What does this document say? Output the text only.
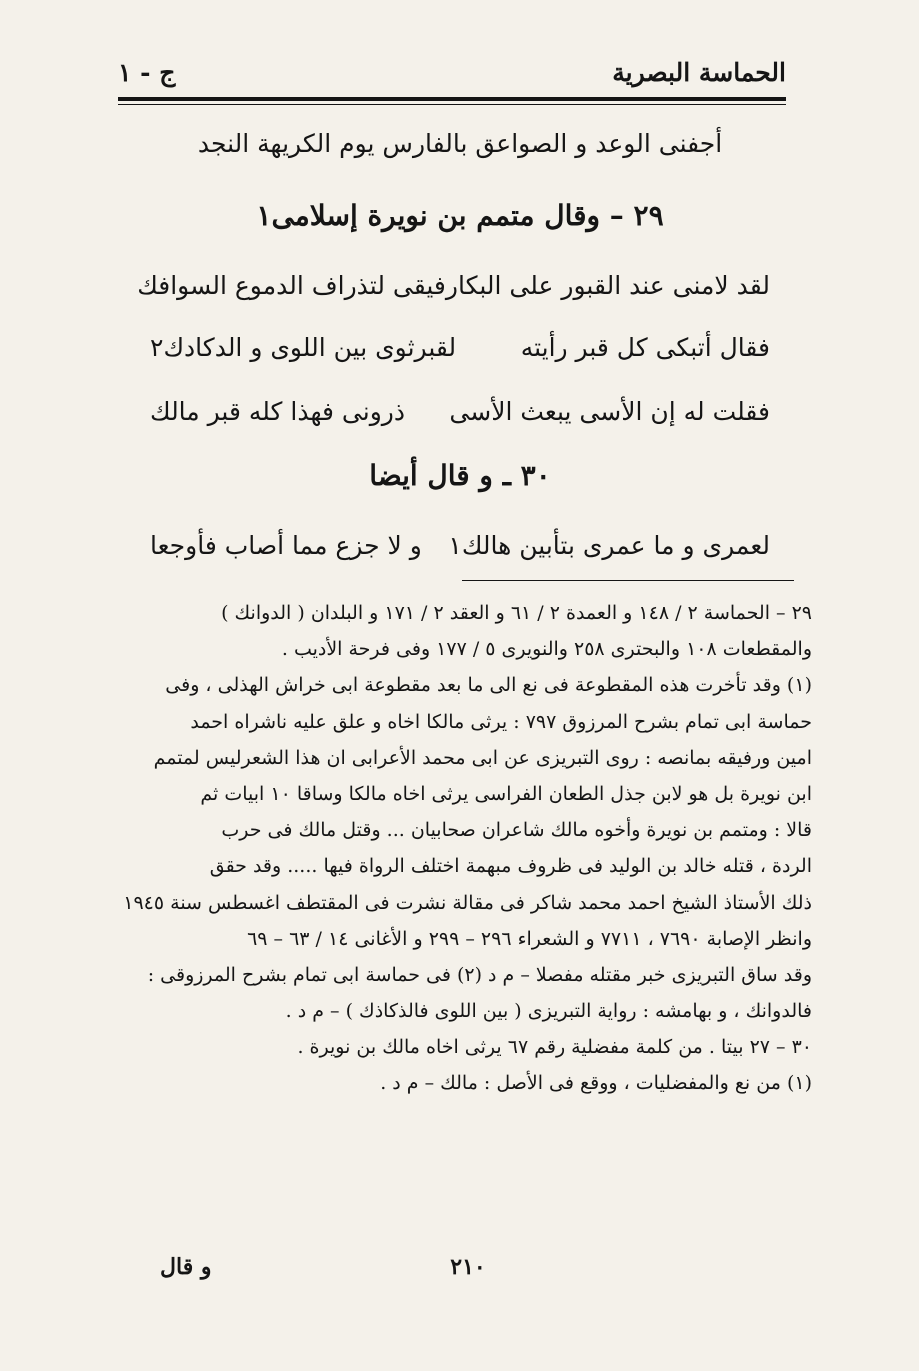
الحماسة البصرية
ج - ١
أجفنى الوعد و الصواعق بالفارس يوم الكريهة النجد
٢٩ – وقال متمم بن نويرة إسلامى١
لقد لامنى عند القبور على البكا
رفيقى لتذراف الدموع السوافك
فقال أتبكى كل قبر رأيته
لقبرثوى بين اللوى و الدكادك٢
فقلت له إن الأسى يبعث الأسى
ذرونى فهذا كله قبر مالك
٣٠ ـ و قال أيضا
لعمرى و ما عمرى بتأبين هالك١
و لا جزع مما أصاب فأوجعا
٢٩ – الحماسة ٢ / ١٤٨ و العمدة ٢ / ٦١ و العقد ٢ / ١٧١ و البلدان ( الدوانك )
والمقطعات ١٠٨ والبحترى ٢٥٨ والنويرى ٥ / ١٧٧ وفى فرحة الأديب .
(١) وقد تأخرت هذه المقطوعة فى نع الى ما بعد مقطوعة ابى خراش الهذلى ، وفى
حماسة ابى تمام بشرح المرزوق ٧٩٧ : يرثى مالكا اخاه و علق عليه ناشراه احمد
امين ورفيقه بمانصه : روى التبريزى عن ابى محمد الأعرابى ان هذا الشعرليس لمتمم
ابن نويرة بل هو لابن جذل الطعان الفراسى يرثى اخاه مالكا وساقا ١٠ ابيات ثم
قالا : ومتمم بن نويرة وأخوه مالك شاعران صحابيان ... وقتل مالك فى حرب
الردة ، قتله خالد بن الوليد فى ظروف مبهمة اختلف الرواة فيها ..... وقد حقق
ذلك الأستاذ الشيخ احمد محمد شاكر فى مقالة نشرت فى المقتطف اغسطس سنة ١٩٤٥
وانظر الإصابة ٧٦٩٠ ، ٧٧١١ و الشعراء ٢٩٦ – ٢٩٩ و الأغانى ١٤ / ٦٣ – ٦٩
وقد ساق التبريزى خبر مقتله مفصلا – م د (٢) فى حماسة ابى تمام بشرح المرزوقى :
فالدوانك ، و بهامشه : رواية التبريزى ( بين اللوى فالذكاذك ) – م د .
٣٠ – ٢٧ بيتا . من كلمة مفضلية رقم ٦٧ يرثى اخاه مالك بن نويرة .
(١) من نع والمفضليات ، ووقع فى الأصل : مالك – م د .
٢١٠
و قال
